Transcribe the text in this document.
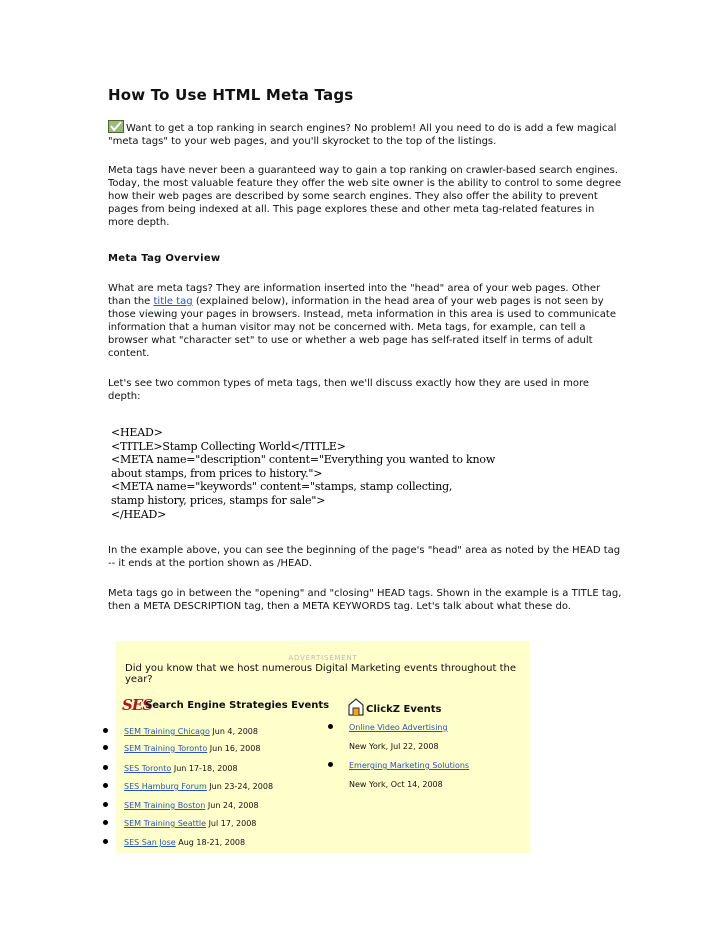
How To Use HTML Meta Tags

Want to get a top ranking in search engines? No problem! All you need to do is add a few magical "meta tags" to your web pages, and you'll skyrocket to the top of the listings.

Meta tags have never been a guaranteed way to gain a top ranking on crawler-based search engines. Today, the most valuable feature they offer the web site owner is the ability to control to some degree how their web pages are described by some search engines. They also offer the ability to prevent pages from being indexed at all. This page explores these and other meta tag-related features in more depth.

Meta Tag Overview

What are meta tags? They are information inserted into the "head" area of your web pages. Other than the title tag (explained below), information in the head area of your web pages is not seen by those viewing your pages in browsers. Instead, meta information in this area is used to communicate information that a human visitor may not be concerned with. Meta tags, for example, can tell a browser what "character set" to use or whether a web page has self-rated itself in terms of adult content.

Let's see two common types of meta tags, then we'll discuss exactly how they are used in more depth:

<HEAD>
<TITLE>Stamp Collecting World</TITLE>
<META name="description" content="Everything you wanted to know
about stamps, from prices to history.">
<META name="keywords" content="stamps, stamp collecting,
stamp history, prices, stamps for sale">
</HEAD>

In the example above, you can see the beginning of the page's "head" area as noted by the HEAD tag -- it ends at the portion shown as /HEAD.

Meta tags go in between the "opening" and "closing" HEAD tags. Shown in the example is a TITLE tag, then a META DESCRIPTION tag, then a META KEYWORDS tag. Let's talk about what these do.

ADVERTISEMENT
Did you know that we host numerous Digital Marketing events throughout the year?
SES
Search Engine Strategies Events	ClickZ Events
SEM Training Chicago Jun 4, 2008
SEM Training Toronto Jun 16, 2008
SES Toronto Jun 17-18, 2008
SES Hamburg Forum Jun 23-24, 2008
SEM Training Boston Jun 24, 2008
SEM Training Seattle Jul 17, 2008
SES San Jose Aug 18-21, 2008
Online Video Advertising
New York, Jul 22, 2008
Emerging Marketing Solutions
New York, Oct 14, 2008
